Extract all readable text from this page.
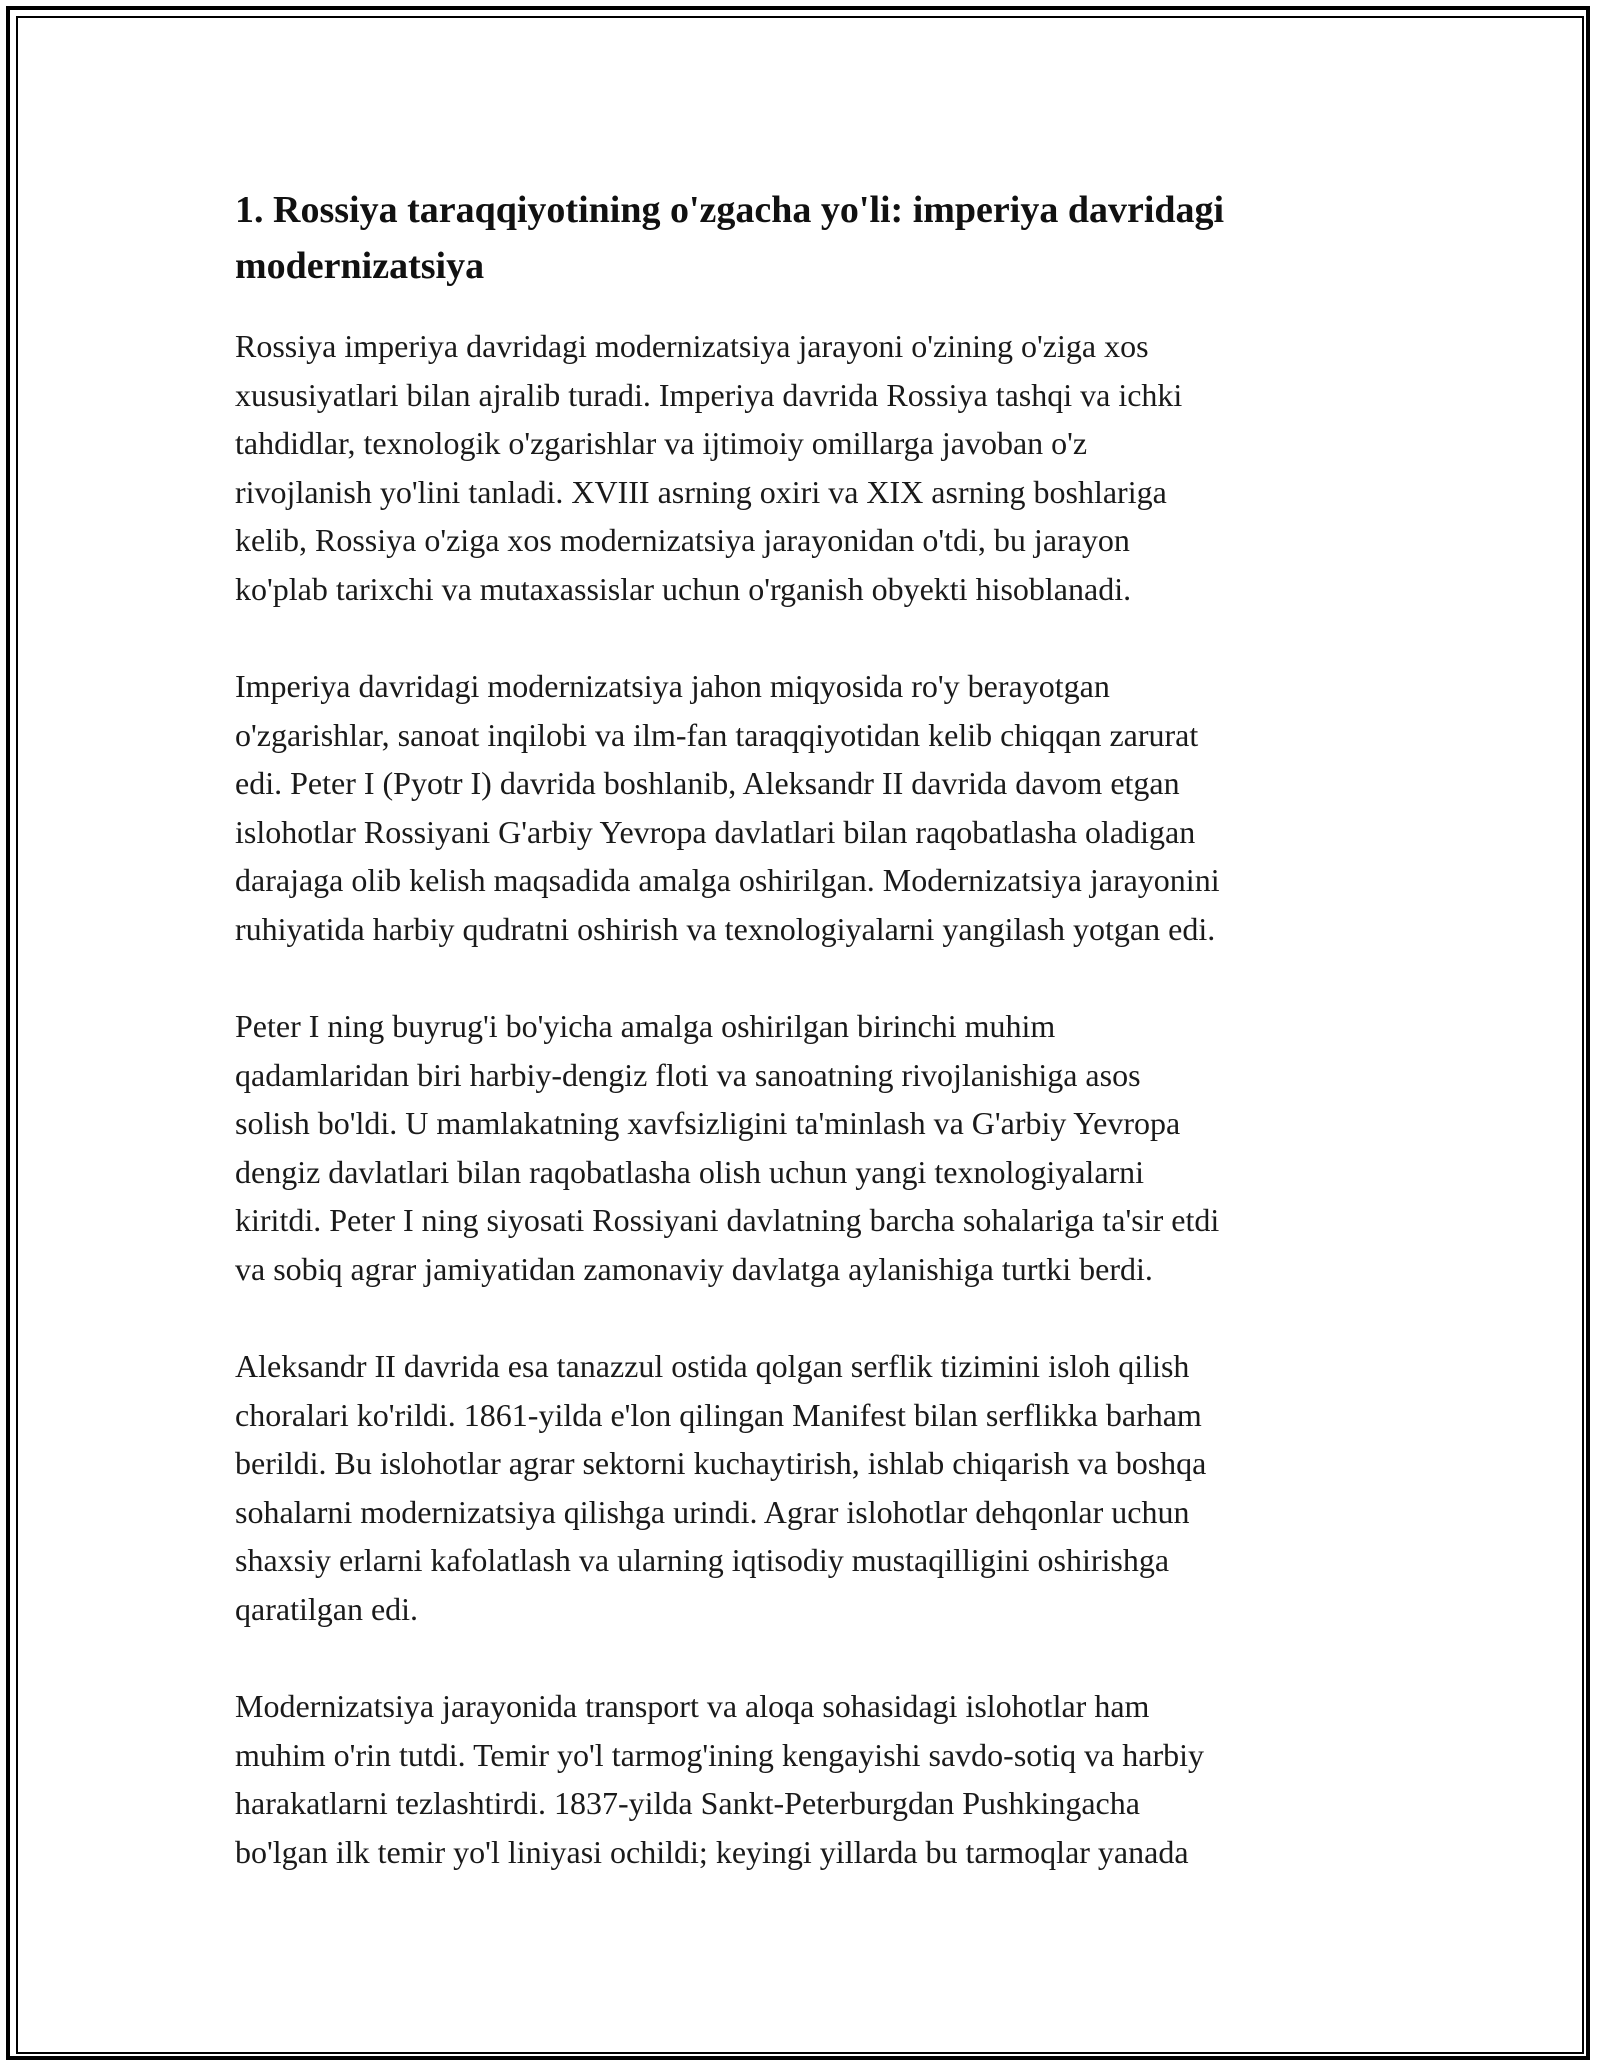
1. Rossiya taraqqiyotining o'zgacha yo'li: imperiya davridagi
modernizatsiya

Rossiya imperiya davridagi modernizatsiya jarayoni o'zining o'ziga xos
xususiyatlari bilan ajralib turadi. Imperiya davrida Rossiya tashqi va ichki
tahdidlar, texnologik o'zgarishlar va ijtimoiy omillarga javoban o'z
rivojlanish yo'lini tanladi. XVIII asrning oxiri va XIX asrning boshlariga
kelib, Rossiya o'ziga xos modernizatsiya jarayonidan o'tdi, bu jarayon
ko'plab tarixchi va mutaxassislar uchun o'rganish obyekti hisoblanadi.

Imperiya davridagi modernizatsiya jahon miqyosida ro'y berayotgan
o'zgarishlar, sanoat inqilobi va ilm-fan taraqqiyotidan kelib chiqqan zarurat
edi. Peter I (Pyotr I) davrida boshlanib, Aleksandr II davrida davom etgan
islohotlar Rossiyani G'arbiy Yevropa davlatlari bilan raqobatlasha oladigan
darajaga olib kelish maqsadida amalga oshirilgan. Modernizatsiya jarayonini
ruhiyatida harbiy qudratni oshirish va texnologiyalarni yangilash yotgan edi.

Peter I ning buyrug'i bo'yicha amalga oshirilgan birinchi muhim
qadamlaridan biri harbiy-dengiz floti va sanoatning rivojlanishiga asos
solish bo'ldi. U mamlakatning xavfsizligini ta'minlash va G'arbiy Yevropa
dengiz davlatlari bilan raqobatlasha olish uchun yangi texnologiyalarni
kiritdi. Peter I ning siyosati Rossiyani davlatning barcha sohalariga ta'sir etdi
va sobiq agrar jamiyatidan zamonaviy davlatga aylanishiga turtki berdi.

Aleksandr II davrida esa tanazzul ostida qolgan serflik tizimini isloh qilish
choralari ko'rildi. 1861-yilda e'lon qilingan Manifest bilan serflikka barham
berildi. Bu islohotlar agrar sektorni kuchaytirish, ishlab chiqarish va boshqa
sohalarni modernizatsiya qilishga urindi. Agrar islohotlar dehqonlar uchun
shaxsiy erlarni kafolatlash va ularning iqtisodiy mustaqilligini oshirishga
qaratilgan edi.

Modernizatsiya jarayonida transport va aloqa sohasidagi islohotlar ham
muhim o'rin tutdi. Temir yo'l tarmog'ining kengayishi savdo-sotiq va harbiy
harakatlarni tezlashtirdi. 1837-yilda Sankt-Peterburgdan Pushkingacha
bo'lgan ilk temir yo'l liniyasi ochildi; keyingi yillarda bu tarmoqlar yanada
